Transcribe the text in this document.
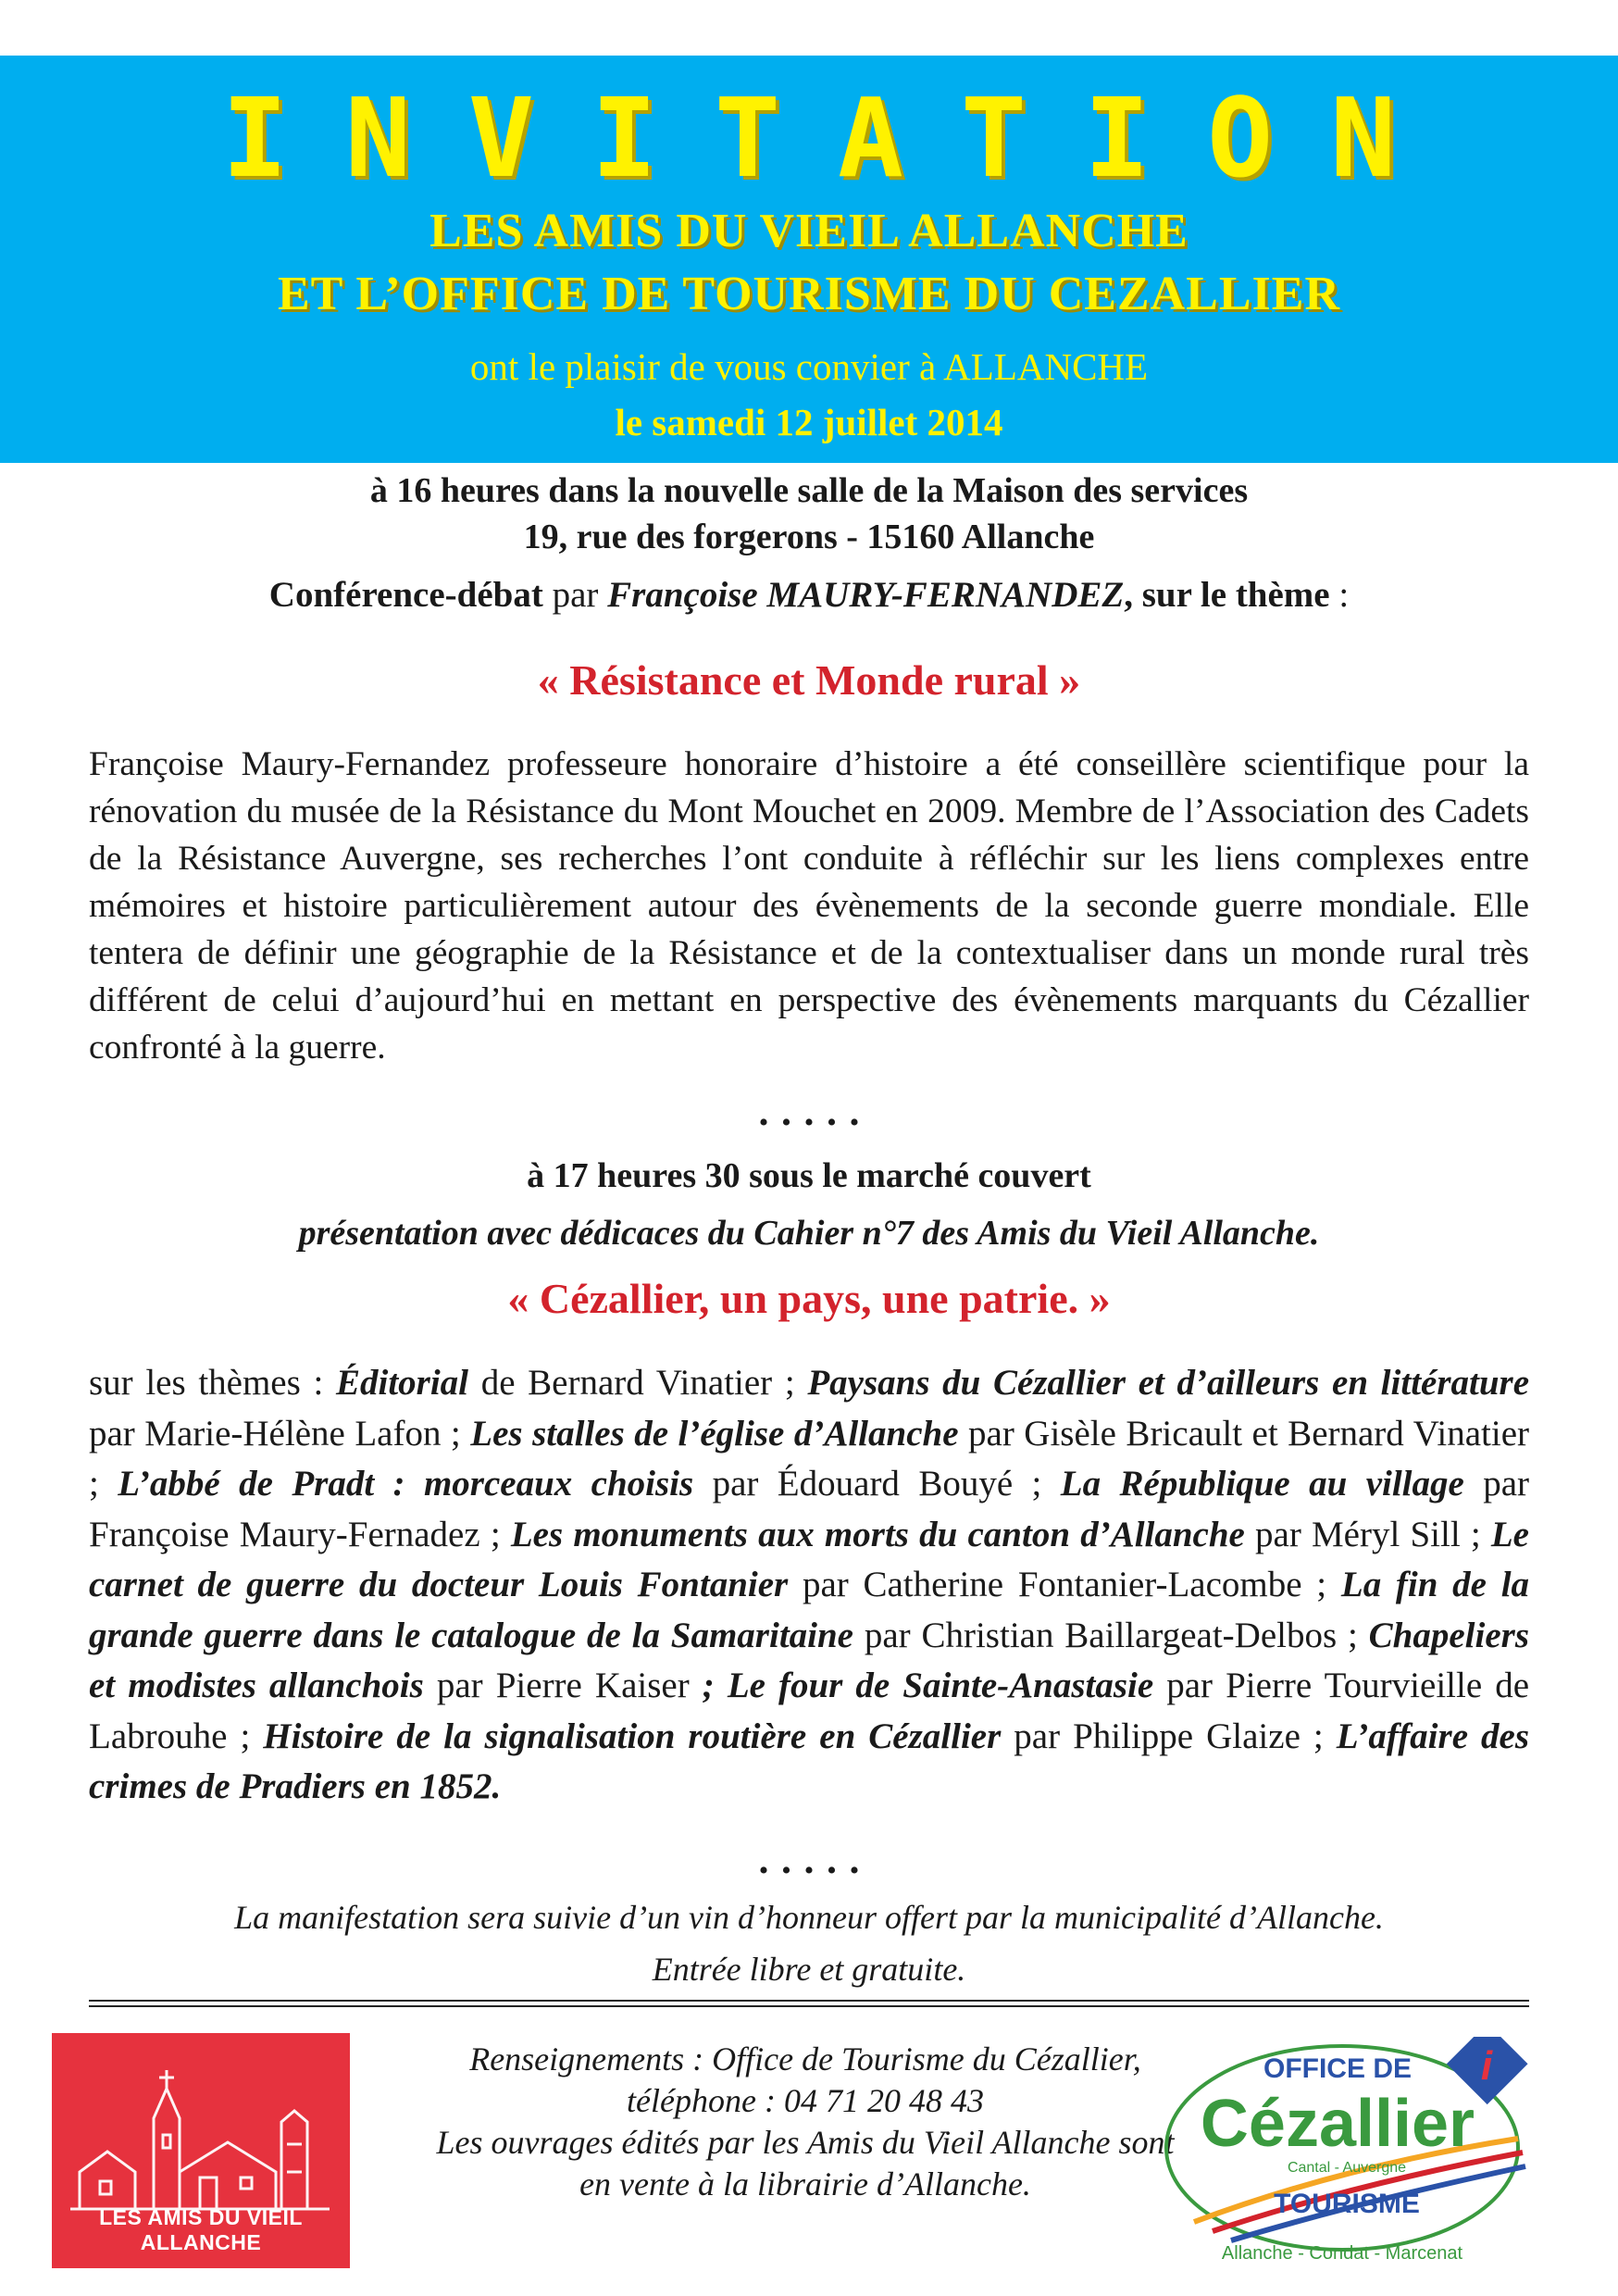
INVITATION
LES AMIS DU VIEIL ALLANCHE
ET L’OFFICE DE TOURISME DU CEZALLIER
ont le plaisir de vous convier à ALLANCHE
le samedi 12 juillet 2014
à 16 heures dans la nouvelle salle de la Maison des services
19, rue des forgerons - 15160 Allanche
Conférence-débat par Françoise MAURY-FERNANDEZ, sur le thème :
« Résistance et Monde rural »
Françoise Maury-Fernandez professeure honoraire d’histoire a été conseillère scientifique pour la rénovation du musée de la Résistance du Mont Mouchet en 2009. Membre de l’Association des Cadets de la Résistance Auvergne, ses recherches l’ont conduite à réfléchir sur les liens complexes entre mémoires et histoire particulièrement autour des évènements de la seconde guerre mondiale. Elle tentera de définir une géographie de la Résistance et de la contextualiser dans un monde rural très différent de celui d’aujourd’hui en mettant en perspective des évènements marquants du Cézallier confronté à la guerre.
•••••
à 17 heures 30 sous le marché couvert
présentation avec dédicaces du Cahier n°7 des Amis du Vieil Allanche.
« Cézallier, un pays, une patrie. »
sur les thèmes : Éditorial de Bernard Vinatier ; Paysans du Cézallier et d’ailleurs en littérature par Marie-Hélène Lafon ; Les stalles de l’église d’Allanche par Gisèle Bricault et Bernard Vinatier ; L’abbé de Pradt : morceaux choisis par Édouard Bouyé ; La République au village par Françoise Maury-Fernadez ; Les monuments aux morts du canton d’Allanche par Méryl Sill ; Le carnet de guerre du docteur Louis Fontanier par Catherine Fontanier-Lacombe ; La fin de la grande guerre dans le catalogue de la Samaritaine par Christian Baillargeat-Delbos ; Chapeliers et modistes allanchois par Pierre Kaiser ; Le four de Sainte-Anastasie par Pierre Tourvieille de Labrouhe ; Histoire de la signalisation routière en Cézallier par Philippe Glaize ; L’affaire des crimes de Pradiers en 1852.
•••••
La manifestation sera suivie d’un vin d’honneur offert par la municipalité d’Allanche.
Entrée libre et gratuite.
LES AMIS DU VIEIL ALLANCHE
Renseignements : Office de Tourisme du Cézallier,
téléphone : 04 71 20 48 43
Les ouvrages édités par les Amis du Vieil Allanche sont
en vente à la librairie d’Allanche.
i
OFFICE DE
Cézallier
Cantal - Auvergne
TOURISME
Allanche - Condat - Marcenat
